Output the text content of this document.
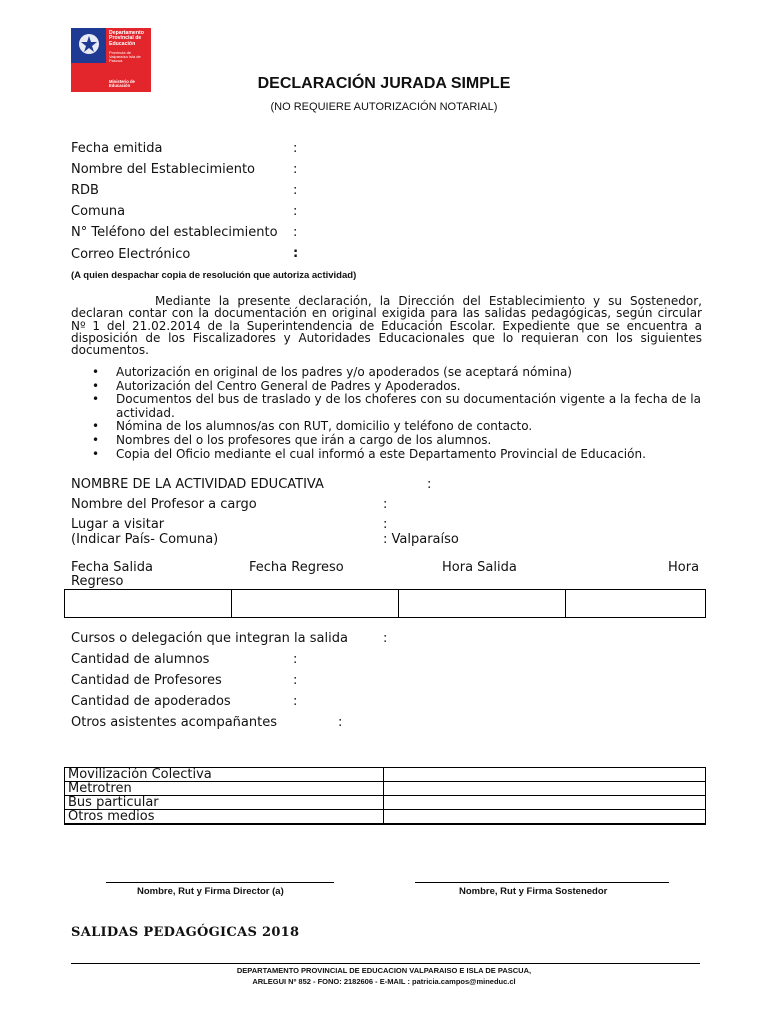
Departamento Provincial de Educación
Provincia de Valparaíso Isla de Pascua
Ministerio de Educación	DECLARACIÓN JURADA SIMPLE
(NO REQUIERE AUTORIZACIÓN NOTARIAL)
Fecha emitida	:
Nombre del Establecimiento	:
RDB	:
Comuna	:
N° Teléfono del establecimiento :
Correo Electrónico	:
(A quien despachar copia de resolución que autoriza actividad)
Mediante la presente declaración, la Dirección del Establecimiento y su Sostenedor, declaran contar con la documentación en original exigida para las salidas pedagógicas, según circular Nº 1 del 21.02.2014 de la Superintendencia de Educación Escolar. Expediente que se encuentra a disposición de los Fiscalizadores y Autoridades Educacionales que lo requieran con los siguientes documentos.
• Autorización en original de los padres y/o apoderados (se aceptará nómina)
• Autorización del Centro General de Padres y Apoderados.
• Documentos del bus de traslado y de los choferes con su documentación vigente a la fecha de la actividad.
• Nómina de los alumnos/as con RUT, domicilio y teléfono de contacto.
• Nombres del o los profesores que irán a cargo de los alumnos.
• Copia del Oficio mediante el cual informó a este Departamento Provincial de Educación.
NOMBRE DE LA ACTIVIDAD EDUCATIVA	:
Nombre del Profesor a cargo	:
Lugar a visitar	:
(Indicar País- Comuna)	: Valparaíso
Fecha Salida	Fecha Regreso	Hora Salida	Hora
Regreso

Cursos o delegación que integran la salida	:
Cantidad de alumnos	:
Cantidad de Profesores	:
Cantidad de apoderados	:
Otros asistentes acompañantes	:
Movilización Colectiva	
Metrotren	
Bus particular	
Otros medios	
Nombre, Rut y Firma Director (a)	Nombre, Rut y Firma Sostenedor
SALIDAS PEDAGÓGICAS 2018
DEPARTAMENTO PROVINCIAL DE EDUCACION VALPARAISO E ISLA DE PASCUA,
ARLEGUI Nº 852 - FONO: 2182606 - E-MAIL : patricia.campos@mineduc.cl
